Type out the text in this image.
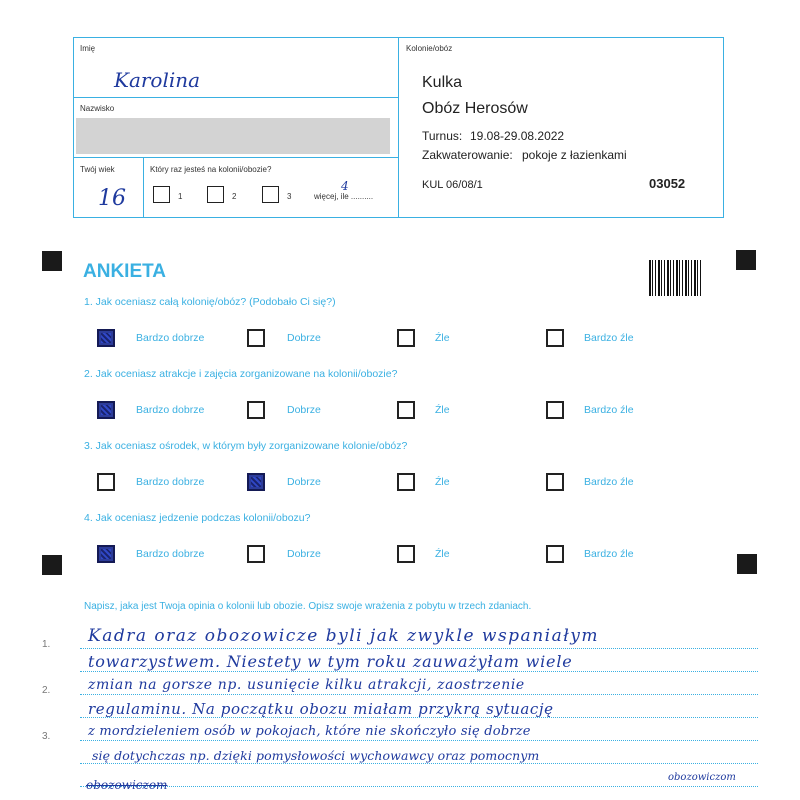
Imię
Karolina
Nazwisko
Twój wiek
16
Który raz jesteś na kolonii/obozie?
1	2	3	więcej, ile ..........
4
Kolonie/obóz
Kulka
Obóz Herosów
Turnus: 19.08-29.08.2022
Zakwaterowanie: pokoje z łazienkami
KUL 06/08/1	03052
ANKIETA
1. Jak oceniasz całą kolonię/obóz? (Podobało Ci się?)
2. Jak oceniasz atrakcje i zajęcia zorganizowane na kolonii/obozie?
3. Jak oceniasz ośrodek, w którym były zorganizowane kolonie/obóz?
4. Jak oceniasz jedzenie podczas kolonii/obozu?
Bardzo dobrze	Dobrze	Źle	Bardzo źle
Bardzo dobrze	Dobrze	Źle	Bardzo źle
Bardzo dobrze	Dobrze	Źle	Bardzo źle
Bardzo dobrze	Dobrze	Źle	Bardzo źle
Napisz, jaka jest Twoja opinia o kolonii lub obozie. Opisz swoje wrażenia z pobytu w trzech zdaniach.
1.
2.
3.
Kadra oraz obozowicze byli jak zwykle wspaniałym
towarzystwem. Niestety w tym roku zauważyłam wiele
zmian na gorsze np. usunięcie kilku atrakcji, zaostrzenie
regulaminu. Na początku obozu miałam przykrą sytuację
z mordzieleniem osób w pokojach, które nie skończyło się dobrze
się dotychczas np. dzięki pomysłowości wychowawcy oraz pomocnym
obozowiczom
obozowiczom
